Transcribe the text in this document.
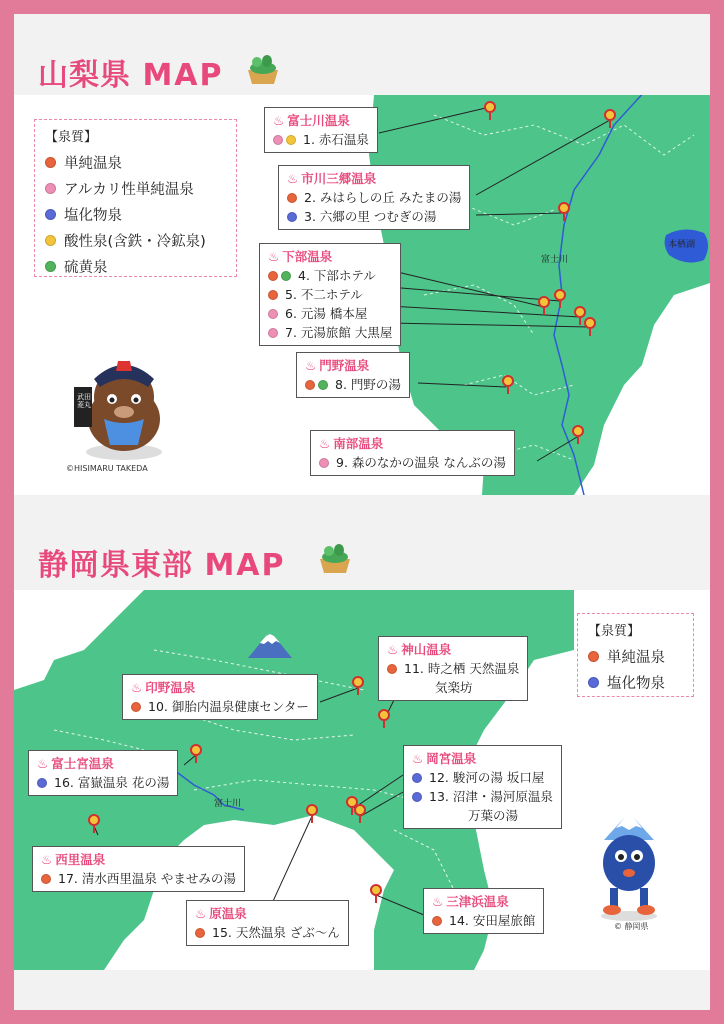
山梨県 MAP
本栖湖
富士川
©HISIMARU TAKEDA
武田菱丸
【泉質】
単純温泉
アルカリ性単純温泉
塩化物泉
酸性泉(含鉄・冷鉱泉)
硫黄泉
♨ 富士川温泉
1. 赤石温泉
♨ 市川三郷温泉
2. みはらしの丘 みたまの湯
3. 六郷の里 つむぎの湯
♨ 下部温泉
4. 下部ホテル
5. 不二ホテル
6. 元湯 橋本屋
7. 元湯旅館 大黒屋
♨ 門野温泉
8. 門野の湯
♨ 南部温泉
9. 森のなかの温泉 なんぶの湯
静岡県東部 MAP
富士川
© 静岡県
【泉質】
単純温泉
塩化物泉
♨ 神山温泉
11. 時之栖 天然温泉
気楽坊
♨ 印野温泉
10. 御胎内温泉健康センター
♨ 岡宮温泉
12. 駿河の湯 坂口屋
13. 沼津・湯河原温泉
万葉の湯
♨ 富士宮温泉
16. 富嶽温泉 花の湯
♨ 西里温泉
17. 清水西里温泉 やませみの湯
♨ 原温泉
15. 天然温泉 ざぶ〜ん
♨ 三津浜温泉
14. 安田屋旅館
